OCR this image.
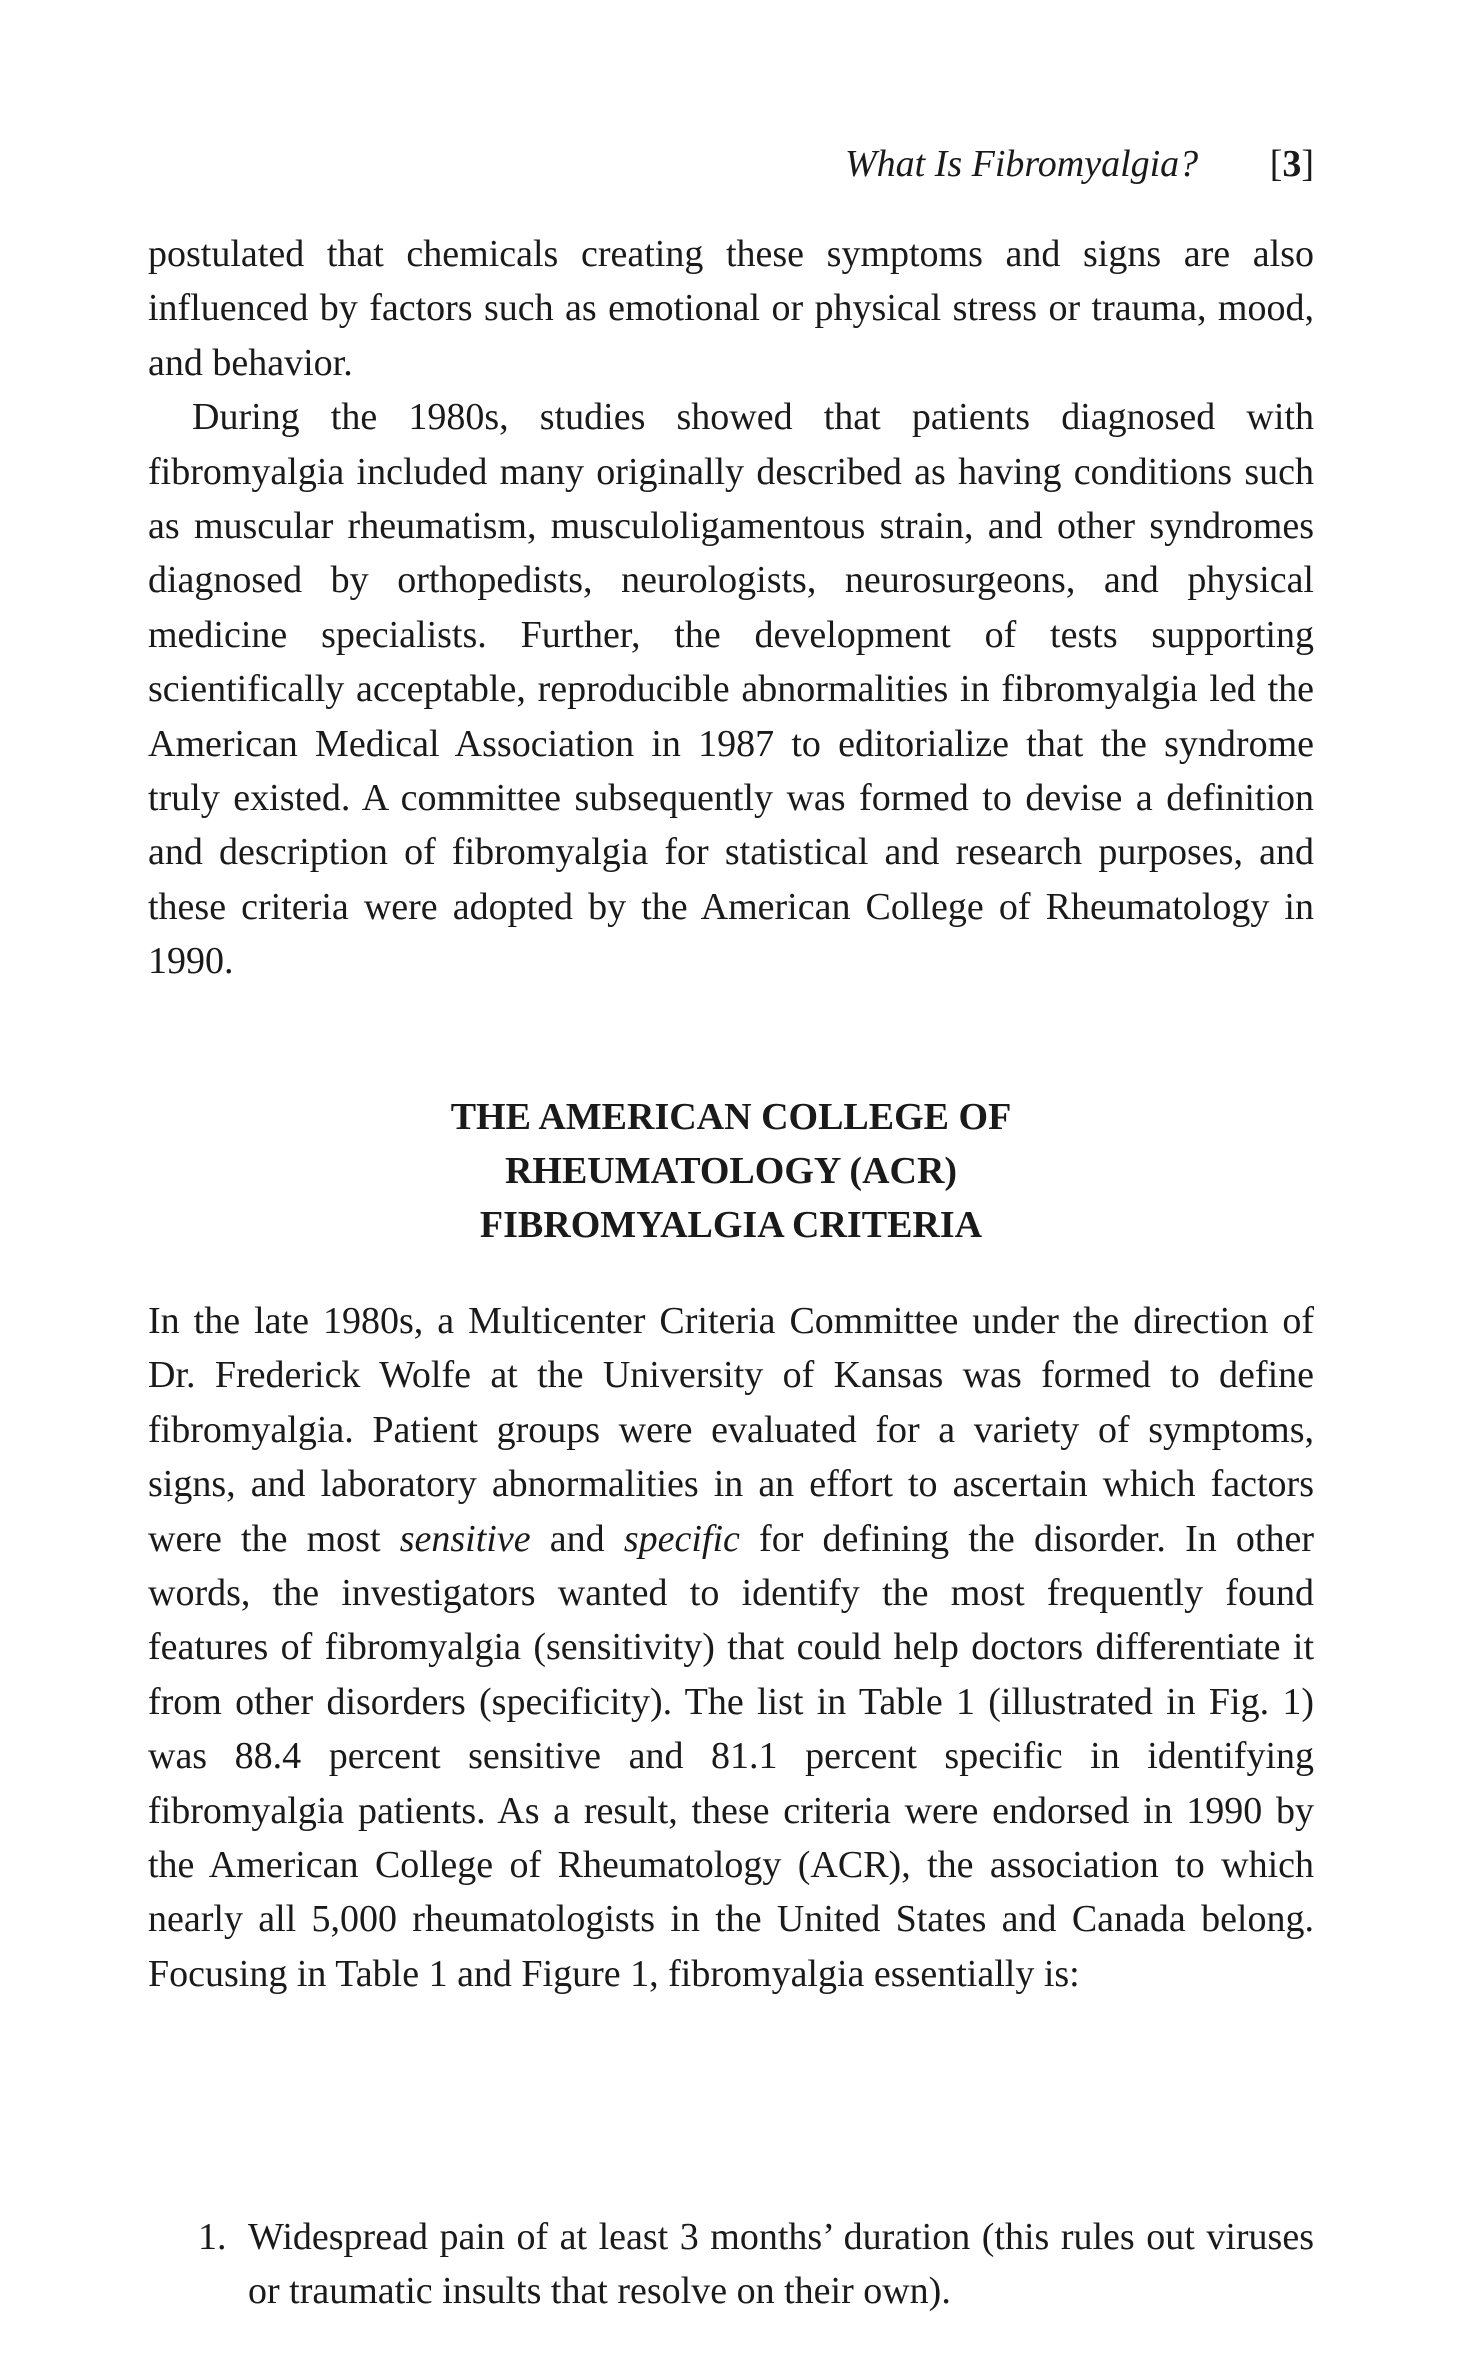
What Is Fibromyalgia? [3]

postulated that chemicals creating these symptoms and signs are also influenced by factors such as emotional or physical stress or trauma, mood, and behavior.

During the 1980s, studies showed that patients diagnosed with fibromyalgia included many originally described as having conditions such as muscular rheumatism, musculoligamentous strain, and other syndromes diagnosed by orthopedists, neurologists, neurosurgeons, and physical medicine specialists. Further, the development of tests supporting scientifically acceptable, reproducible abnormalities in fibromyalgia led the American Medical Association in 1987 to editorialize that the syndrome truly existed. A committee subsequently was formed to devise a definition and description of fibromyalgia for statistical and research purposes, and these criteria were adopted by the American College of Rheumatology in 1990.

THE AMERICAN COLLEGE OF
RHEUMATOLOGY (ACR)
FIBROMYALGIA CRITERIA

In the late 1980s, a Multicenter Criteria Committee under the direction of Dr. Frederick Wolfe at the University of Kansas was formed to define fibromyalgia. Patient groups were evaluated for a variety of symptoms, signs, and laboratory abnormalities in an effort to ascertain which factors were the most sensitive and specific for defining the disorder. In other words, the investigators wanted to identify the most frequently found features of fibromyalgia (sensitivity) that could help doctors differentiate it from other disorders (specificity). The list in Table 1 (illustrated in Fig. 1) was 88.4 percent sensitive and 81.1 percent specific in identifying fibromyalgia patients. As a result, these criteria were endorsed in 1990 by the American College of Rheumatology (ACR), the association to which nearly all 5,000 rheumatologists in the United States and Canada belong. Focusing in Table 1 and Figure 1, fibromyalgia essentially is:

1. Widespread pain of at least 3 months’ duration (this rules out viruses or traumatic insults that resolve on their own).
